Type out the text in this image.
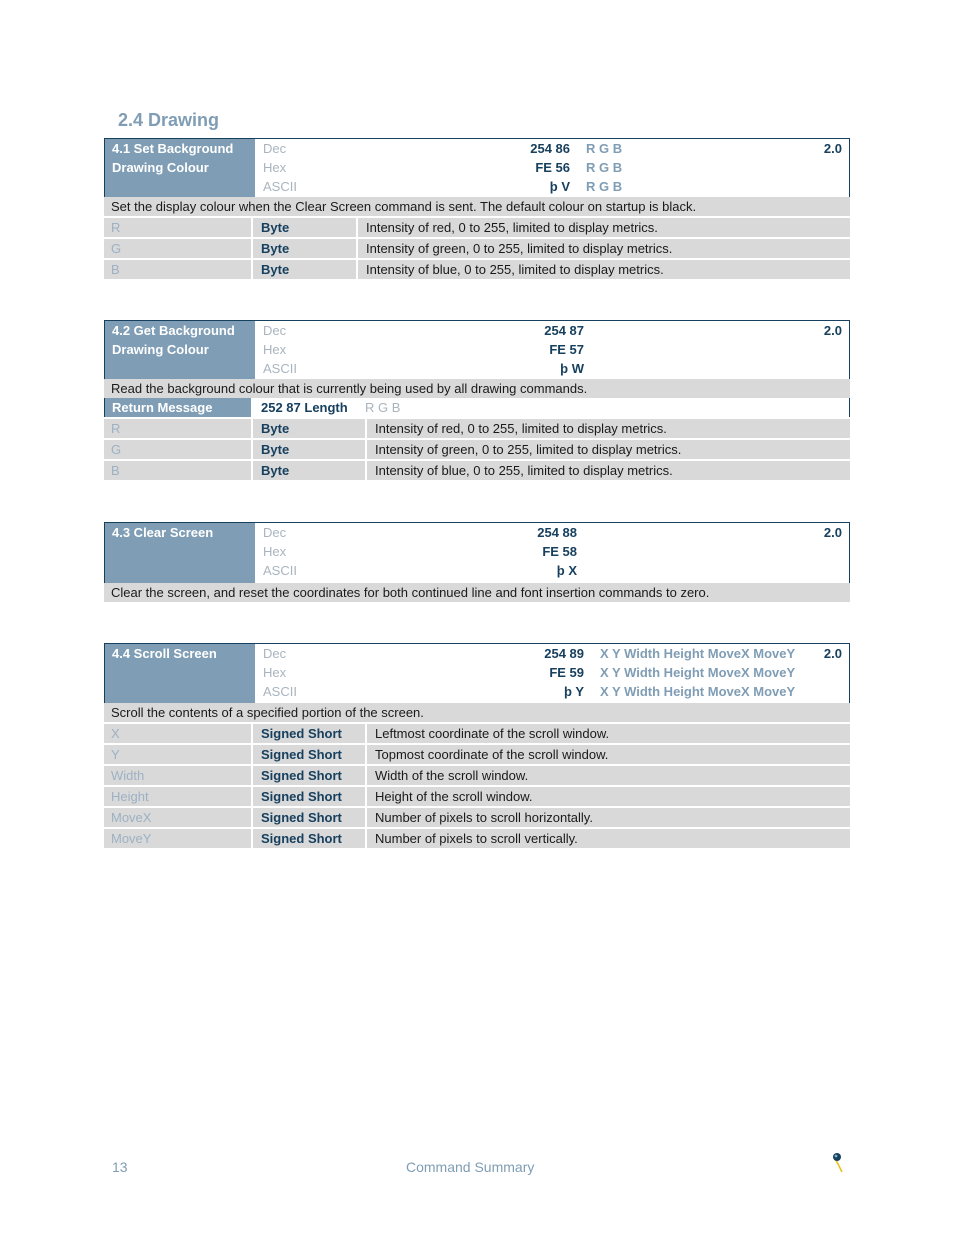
2.4 Drawing
4.1 Set Background
Drawing Colour
Dec	254 86 R G B
Hex	FE 56 R G B
ASCII	þ V R G B
2.0
Set the display colour when the Clear Screen command is sent. The default colour on startup is black.
R	Byte	Intensity of red, 0 to 255, limited to display metrics.
G	Byte	Intensity of green, 0 to 255, limited to display metrics.
B	Byte	Intensity of blue, 0 to 255, limited to display metrics.
4.2 Get Background
Drawing Colour
Dec	254 87
Hex	FE 57
ASCII	þ W
2.0
Read the background colour that is currently being used by all drawing commands.
Return Message	252 87 Length	R G B
R	Byte	Intensity of red, 0 to 255, limited to display metrics.
G	Byte	Intensity of green, 0 to 255, limited to display metrics.
B	Byte	Intensity of blue, 0 to 255, limited to display metrics.
4.3 Clear Screen	Dec	254 88
Hex	FE 58
ASCII	þ X
2.0
Clear the screen, and reset the coordinates for both continued line and font insertion commands to zero.
4.4 Scroll Screen	Dec	254 89 X Y Width Height MoveX MoveY
Hex	FE 59 X Y Width Height MoveX MoveY
ASCII	þ Y X Y Width Height MoveX MoveY
2.0
Scroll the contents of a specified portion of the screen.
X	Signed Short	Leftmost coordinate of the scroll window.
Y	Signed Short	Topmost coordinate of the scroll window.
Width	Signed Short	Width of the scroll window.
Height	Signed Short	Height of the scroll window.
MoveX	Signed Short	Number of pixels to scroll horizontally.
MoveY	Signed Short	Number of pixels to scroll vertically.
13	Command Summary
